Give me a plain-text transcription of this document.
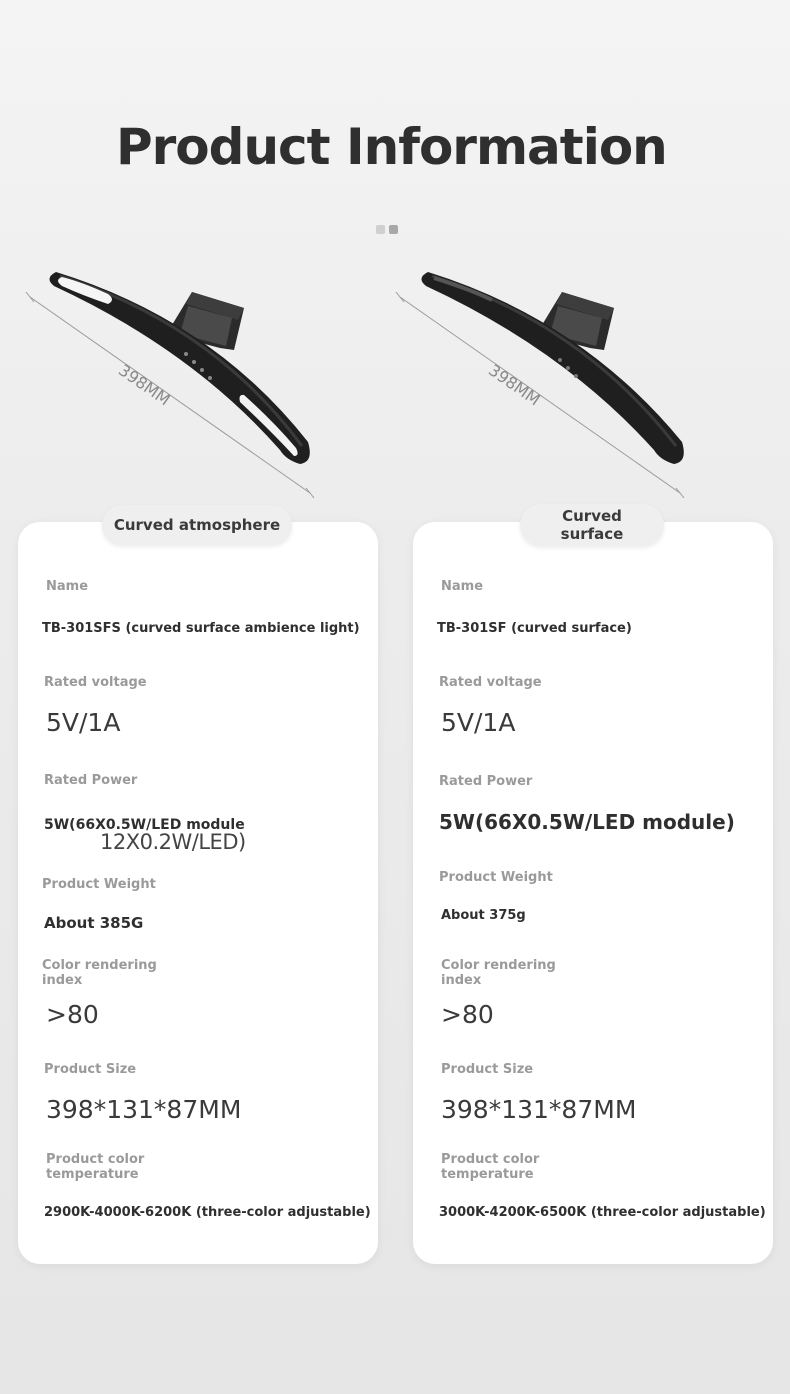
Product Information
398MM	398MM
Curved atmosphere	Curved
surface
Name
TB-301SFS (curved surface ambience light)
Rated voltage
5V/1A
Rated Power
5W(66X0.5W/LED module
12X0.2W/LED)
Product Weight
About 385G
Color rendering
index
>80
Product Size
398*131*87MM
Product color
temperature
2900K-4000K-6200K (three-color adjustable)
Name
TB-301SF (curved surface)
Rated voltage
5V/1A
Rated Power
5W(66X0.5W/LED module)
Product Weight
About 375g
Color rendering
index
>80
Product Size
398*131*87MM
Product color
temperature
3000K-4200K-6500K (three-color adjustable)
